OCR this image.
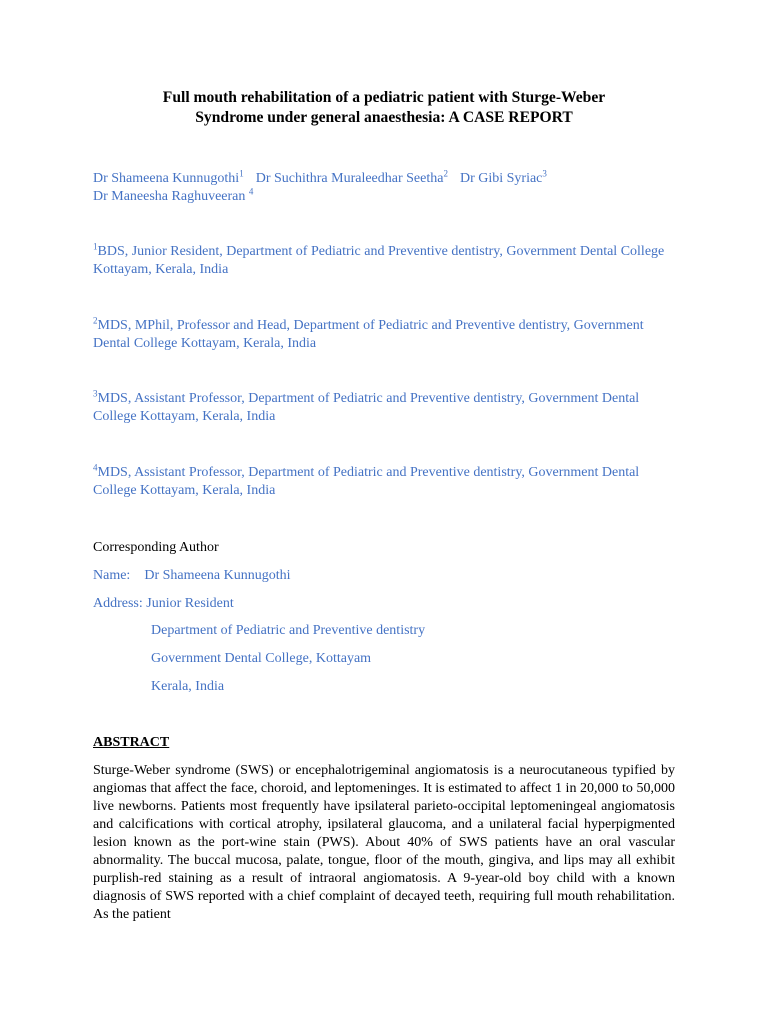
Full mouth rehabilitation of a pediatric patient with Sturge-Weber
Syndrome under general anaesthesia: A CASE REPORT
Dr Shameena Kunnugothi$^1$ Dr Suchithra Muraleedhar Seetha$^2$ Dr Gibi Syriac$^3$
Dr Maneesha Raghuveeran $^4$
$^1$BDS, Junior Resident, Department of Pediatric and Preventive dentistry, Government Dental College Kottayam, Kerala, India
$^2$MDS, MPhil, Professor and Head, Department of Pediatric and Preventive dentistry, Government Dental College Kottayam, Kerala, India
$^3$MDS, Assistant Professor, Department of Pediatric and Preventive dentistry, Government Dental College Kottayam, Kerala, India
$^4$MDS, Assistant Professor, Department of Pediatric and Preventive dentistry, Government Dental College Kottayam, Kerala, India
Corresponding Author
Name: Dr Shameena Kunnugothi
Address: Junior Resident
Department of Pediatric and Preventive dentistry
Government Dental College, Kottayam
Kerala, India
ABSTRACT
Sturge-Weber syndrome (SWS) or encephalotrigeminal angiomatosis is a neurocutaneous typified by angiomas that affect the face, choroid, and leptomeninges. It is estimated to affect 1 in 20,000 to 50,000 live newborns. Patients most frequently have ipsilateral parieto-occipital leptomeningeal angiomatosis and calcifications with cortical atrophy, ipsilateral glaucoma, and a unilateral facial hyperpigmented lesion known as the port-wine stain (PWS). About 40% of SWS patients have an oral vascular abnormality. The buccal mucosa, palate, tongue, floor of the mouth, gingiva, and lips may all exhibit purplish-red staining as a result of intraoral angiomatosis. A 9-year-old boy child with a known diagnosis of SWS reported with a chief complaint of decayed teeth, requiring full mouth rehabilitation. As the patient
